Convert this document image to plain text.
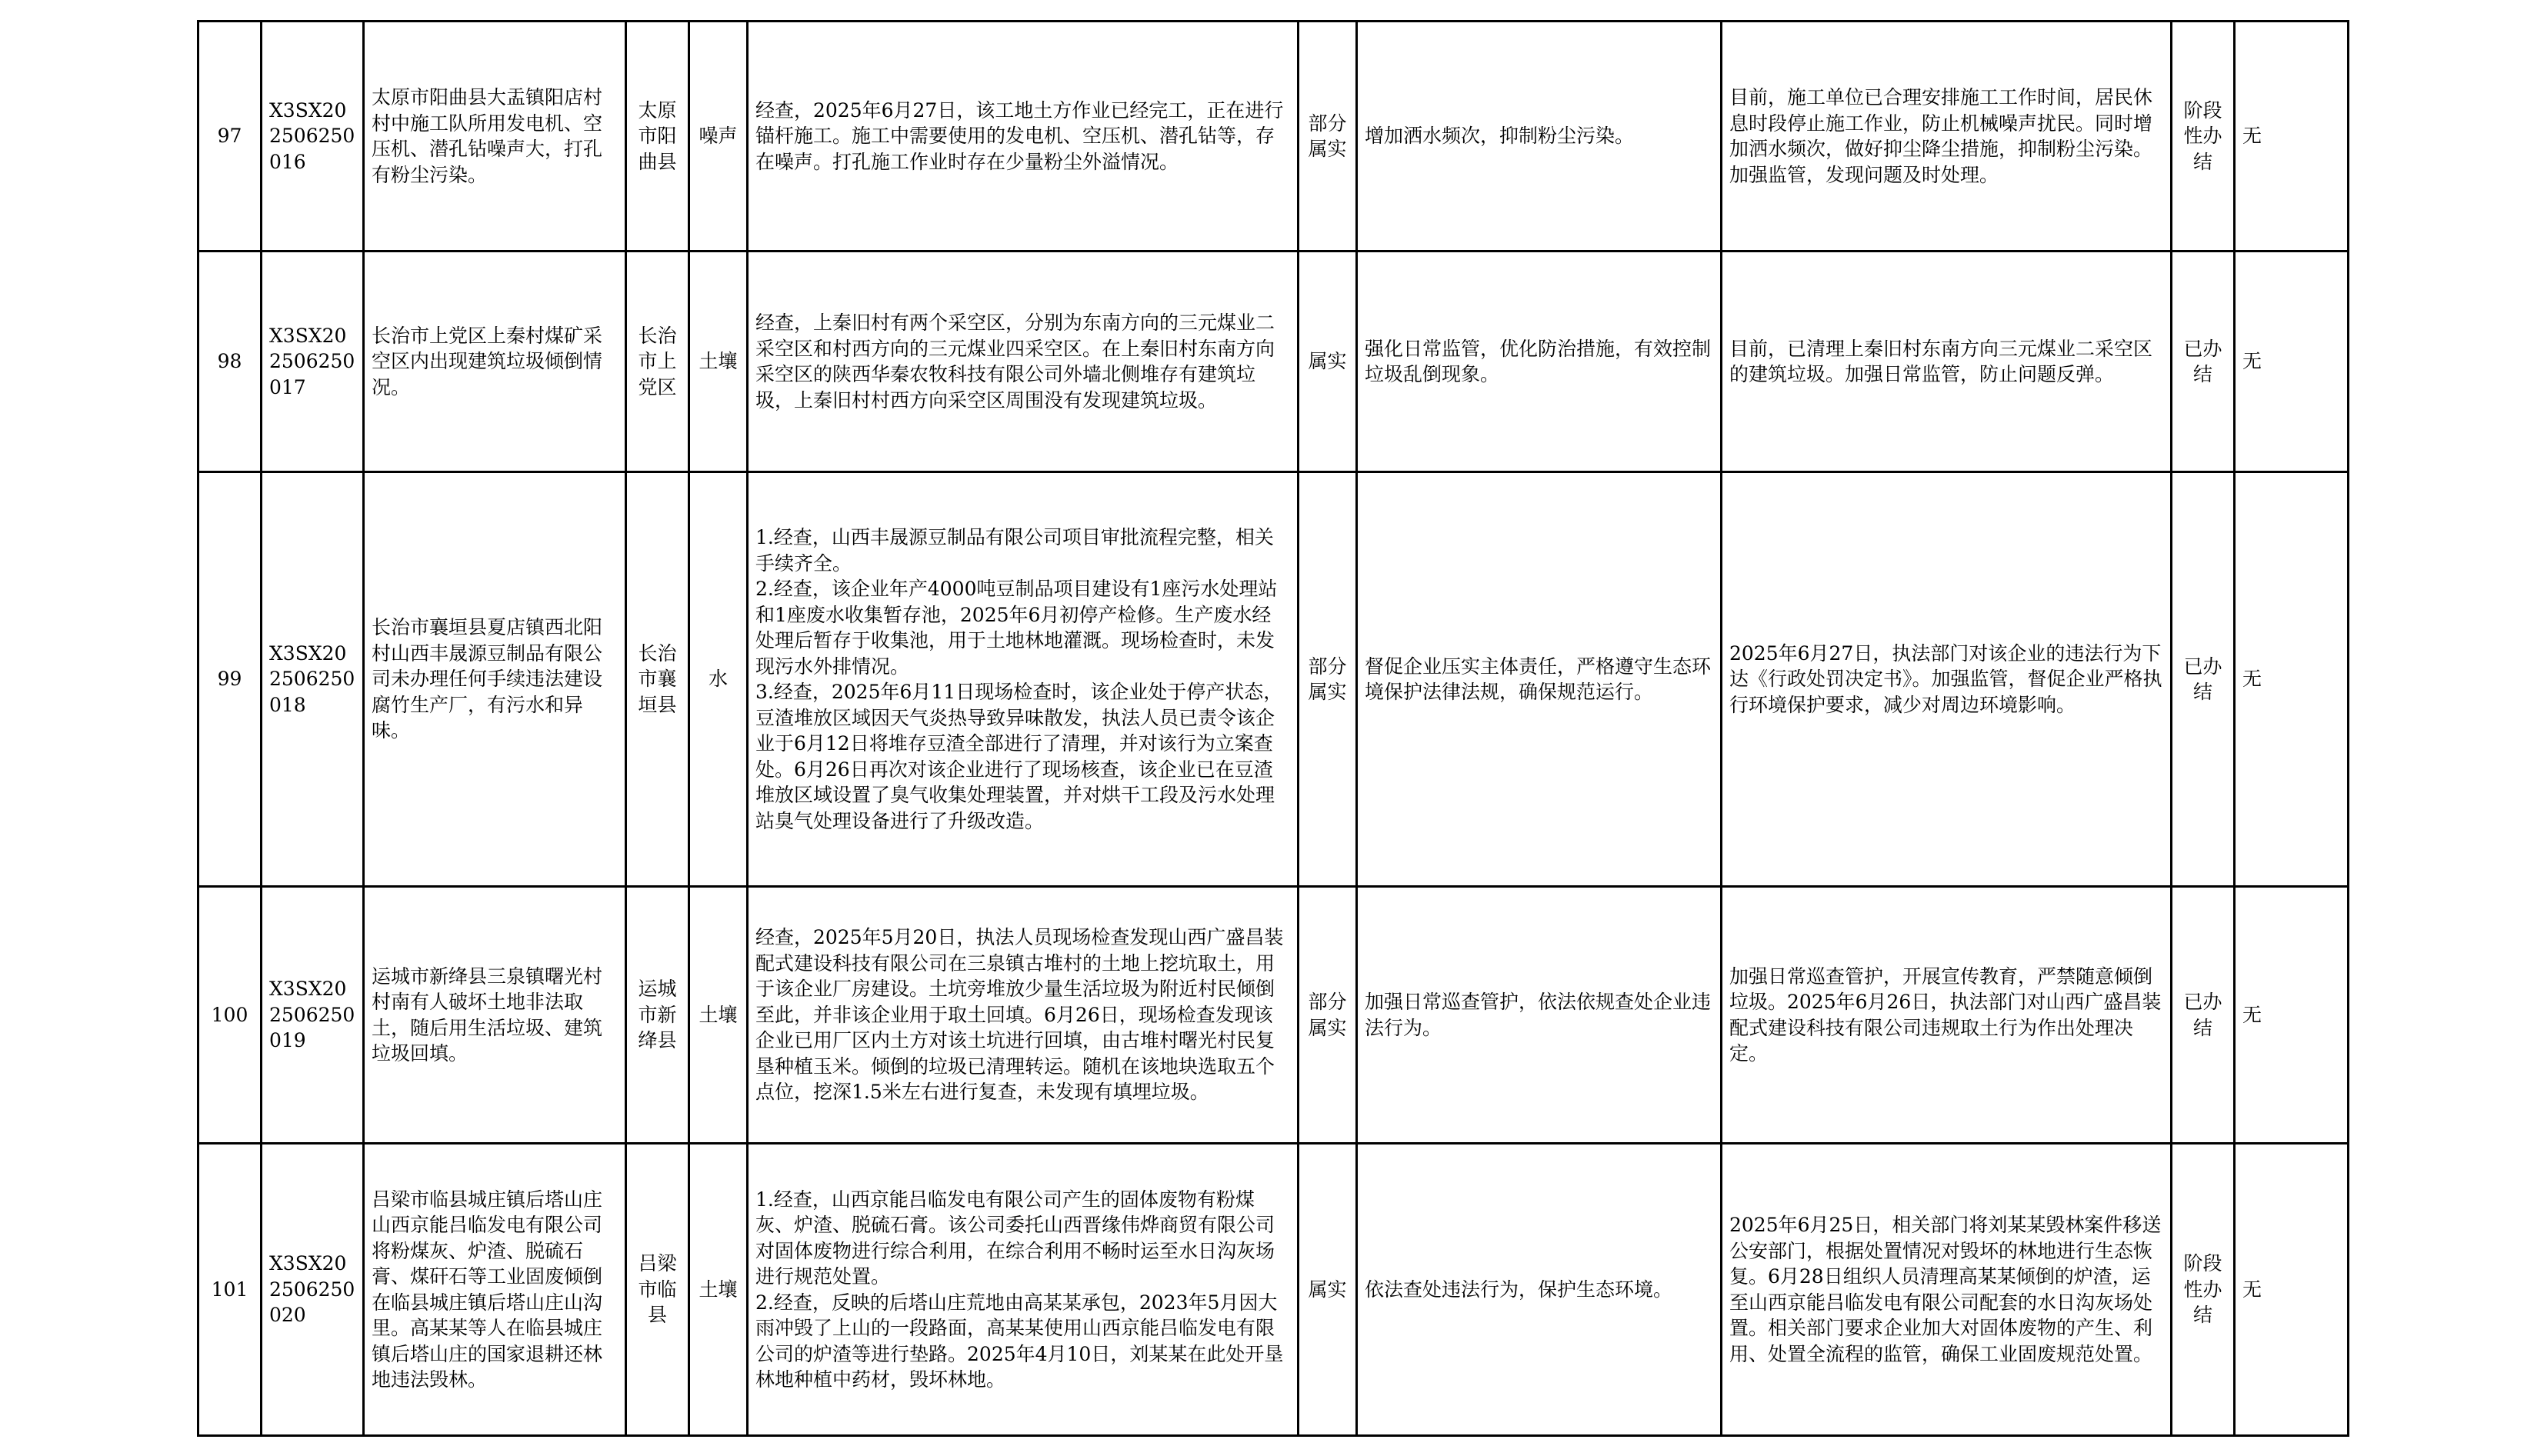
97	X3SX202506250016	太原市阳曲县大盂镇阳店村村中施工队所用发电机、空压机、潜孔钻噪声大，打孔有粉尘污染。	太原市阳曲县	噪声	经查，2025年6月27日，该工地土方作业已经完工，正在进行锚杆施工。施工中需要使用的发电机、空压机、潜孔钻等，存在噪声。打孔施工作业时存在少量粉尘外溢情况。	部分属实	增加洒水频次，抑制粉尘污染。	目前，施工单位已合理安排施工工作时间，居民休息时段停止施工作业，防止机械噪声扰民。同时增加洒水频次，做好抑尘降尘措施，抑制粉尘污染。加强监管，发现问题及时处理。	阶段性办结	无
98	X3SX202506250017	长治市上党区上秦村煤矿采空区内出现建筑垃圾倾倒情况。	长治市上党区	土壤	经查，上秦旧村有两个采空区，分别为东南方向的三元煤业二采空区和村西方向的三元煤业四采空区。在上秦旧村东南方向采空区的陕西华秦农牧科技有限公司外墙北侧堆存有建筑垃圾，上秦旧村村西方向采空区周围没有发现建筑垃圾。	属实	强化日常监管，优化防治措施，有效控制垃圾乱倒现象。	目前，已清理上秦旧村东南方向三元煤业二采空区的建筑垃圾。加强日常监管，防止问题反弹。	已办结	无
99	X3SX202506250018	长治市襄垣县夏店镇西北阳村山西丰晟源豆制品有限公司未办理任何手续违法建设腐竹生产厂，有污水和异味。	长治市襄垣县	水	1.经查，山西丰晟源豆制品有限公司项目审批流程完整，相关手续齐全。
2.经查，该企业年产4000吨豆制品项目建设有1座污水处理站和1座废水收集暂存池，2025年6月初停产检修。生产废水经处理后暂存于收集池，用于土地林地灌溉。现场检查时，未发现污水外排情况。
3.经查，2025年6月11日现场检查时，该企业处于停产状态，豆渣堆放区域因天气炎热导致异味散发，执法人员已责令该企业于6月12日将堆存豆渣全部进行了清理，并对该行为立案查处。6月26日再次对该企业进行了现场核查，该企业已在豆渣堆放区域设置了臭气收集处理装置，并对烘干工段及污水处理站臭气处理设备进行了升级改造。	部分属实	督促企业压实主体责任，严格遵守生态环境保护法律法规，确保规范运行。	2025年6月27日，执法部门对该企业的违法行为下达《行政处罚决定书》。加强监管，督促企业严格执行环境保护要求，减少对周边环境影响。	已办结	无
100	X3SX202506250019	运城市新绛县三泉镇曙光村村南有人破坏土地非法取土，随后用生活垃圾、建筑垃圾回填。	运城市新绛县	土壤	经查，2025年5月20日，执法人员现场检查发现山西广盛昌装配式建设科技有限公司在三泉镇古堆村的土地上挖坑取土，用于该企业厂房建设。土坑旁堆放少量生活垃圾为附近村民倾倒至此，并非该企业用于取土回填。6月26日，现场检查发现该企业已用厂区内土方对该土坑进行回填，由古堆村曙光村民复垦种植玉米。倾倒的垃圾已清理转运。随机在该地块选取五个点位，挖深1.5米左右进行复查，未发现有填埋垃圾。	部分属实	加强日常巡查管护，依法依规查处企业违法行为。	加强日常巡查管护，开展宣传教育，严禁随意倾倒垃圾。2025年6月26日，执法部门对山西广盛昌装配式建设科技有限公司违规取土行为作出处理决定。	已办结	无
101	X3SX202506250020	吕梁市临县城庄镇后塔山庄山西京能吕临发电有限公司将粉煤灰、炉渣、脱硫石膏、煤矸石等工业固废倾倒在临县城庄镇后塔山庄山沟里。高某某等人在临县城庄镇后塔山庄的国家退耕还林地违法毁林。	吕梁市临县	土壤	1.经查，山西京能吕临发电有限公司产生的固体废物有粉煤灰、炉渣、脱硫石膏。该公司委托山西晋缘伟烨商贸有限公司对固体废物进行综合利用，在综合利用不畅时运至水日沟灰场进行规范处置。
2.经查，反映的后塔山庄荒地由高某某承包，2023年5月因大雨冲毁了上山的一段路面，高某某使用山西京能吕临发电有限公司的炉渣等进行垫路。2025年4月10日，刘某某在此处开垦林地种植中药材，毁坏林地。	属实	依法查处违法行为，保护生态环境。	2025年6月25日，相关部门将刘某某毁林案件移送公安部门，根据处置情况对毁坏的林地进行生态恢复。6月28日组织人员清理高某某倾倒的炉渣，运至山西京能吕临发电有限公司配套的水日沟灰场处置。相关部门要求企业加大对固体废物的产生、利用、处置全流程的监管，确保工业固废规范处置。	阶段性办结	无
